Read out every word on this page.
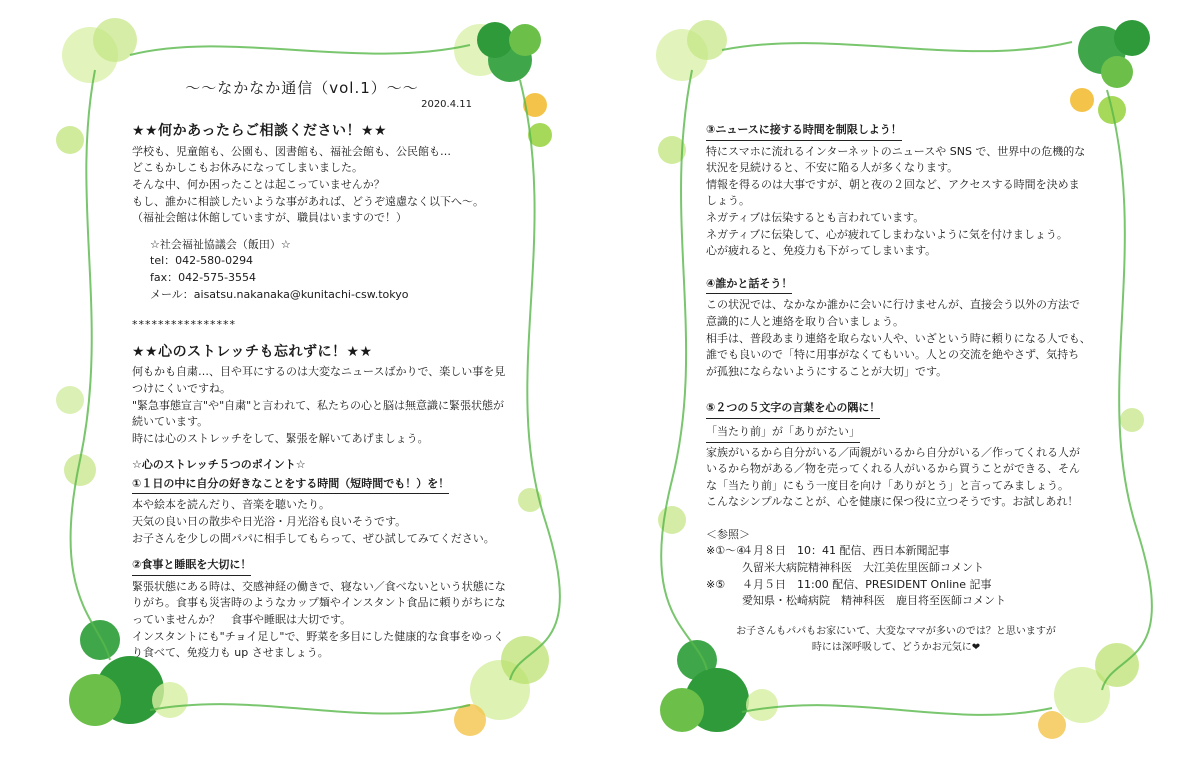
〜〜なかなか通信（vol.1）〜〜

2020.4.11

★★何かあったらご相談ください！★★

学校も、児童館も、公園も、図書館も、福祉会館も、公民館も…

どこもかしこもお休みになってしまいました。

そんな中、何か困ったことは起こっていませんか？

もし、誰かに相談したいような事があれば、どうぞ遠慮なく以下へ〜。

（福祉会館は休館していますが、職員はいますので！）

☆社会福祉協議会（飯田）☆

tel：042-580-0294

fax：042-575-3554

メール：aisatsu.nakanaka@kunitachi-csw.tokyo

****************

★★心のストレッチも忘れずに！★★

何もかも自粛…、目や耳にするのは大変なニュースばかりで、楽しい事を見

つけにくいですね。

"緊急事態宣言"や"自粛"と言われて、私たちの心と脳は無意識に緊張状態が

続いています。

時には心のストレッチをして、緊張を解いてあげましょう。

☆心のストレッチ５つのポイント☆

①１日の中に自分の好きなことをする時間（短時間でも！）を！

本や絵本を読んだり、音楽を聴いたり。

天気の良い日の散歩や日光浴・月光浴も良いそうです。

お子さんを少しの間パパに相手してもらって、ぜひ試してみてください。

②食事と睡眠を大切に！

緊張状態にある時は、交感神経の働きで、寝ない／食べないという状態にな

りがち。食事も災害時のようなカップ麺やインスタント食品に頼りがちにな

っていませんか？　食事や睡眠は大切です。

インスタントにも"チョイ足し"で、野菜を多目にした健康的な食事をゆっく

り食べて、免疫力も up させましょう。

③ニュースに接する時間を制限しよう！

特にスマホに流れるインターネットのニュースや SNS で、世界中の危機的な

状況を見続けると、不安に陥る人が多くなります。

情報を得るのは大事ですが、朝と夜の２回など、アクセスする時間を決めま

しょう。

ネガティブは伝染するとも言われています。

ネガティブに伝染して、心が疲れてしまわないように気を付けましょう。

心が疲れると、免疫力も下がってしまいます。

④誰かと話そう！

この状況では、なかなか誰かに会いに行けませんが、直接会う以外の方法で

意識的に人と連絡を取り合いましょう。

相手は、普段あまり連絡を取らない人や、いざという時に頼りになる人でも、

誰でも良いので「特に用事がなくてもいい。人との交流を絶やさず、気持ち

が孤独にならないようにすることが大切」です。

⑤２つの５文字の言葉を心の隅に！
「当たり前」が「ありがたい」

家族がいるから自分がいる／両親がいるから自分がいる／作ってくれる人が

いるから物がある／物を売ってくれる人がいるから買うことができる、そん

な「当たり前」にもう一度目を向け「ありがとう」と言ってみましょう。

こんなシンプルなことが、心を健康に保つ役に立つそうです。お試しあれ！

＜参照＞

※①〜④４月８日　10：41 配信、西日本新聞記事

久留米大病院精神科医　大江美佐里医師コメント

※⑤ ４月５日　11:00 配信、PRESIDENT Online 記事

愛知県・松崎病院　精神科医　鹿目将至医師コメント

お子さんもパパもお家にいて、大変なママが多いのでは？と思いますが

時には深呼吸して、どうかお元気に❤
